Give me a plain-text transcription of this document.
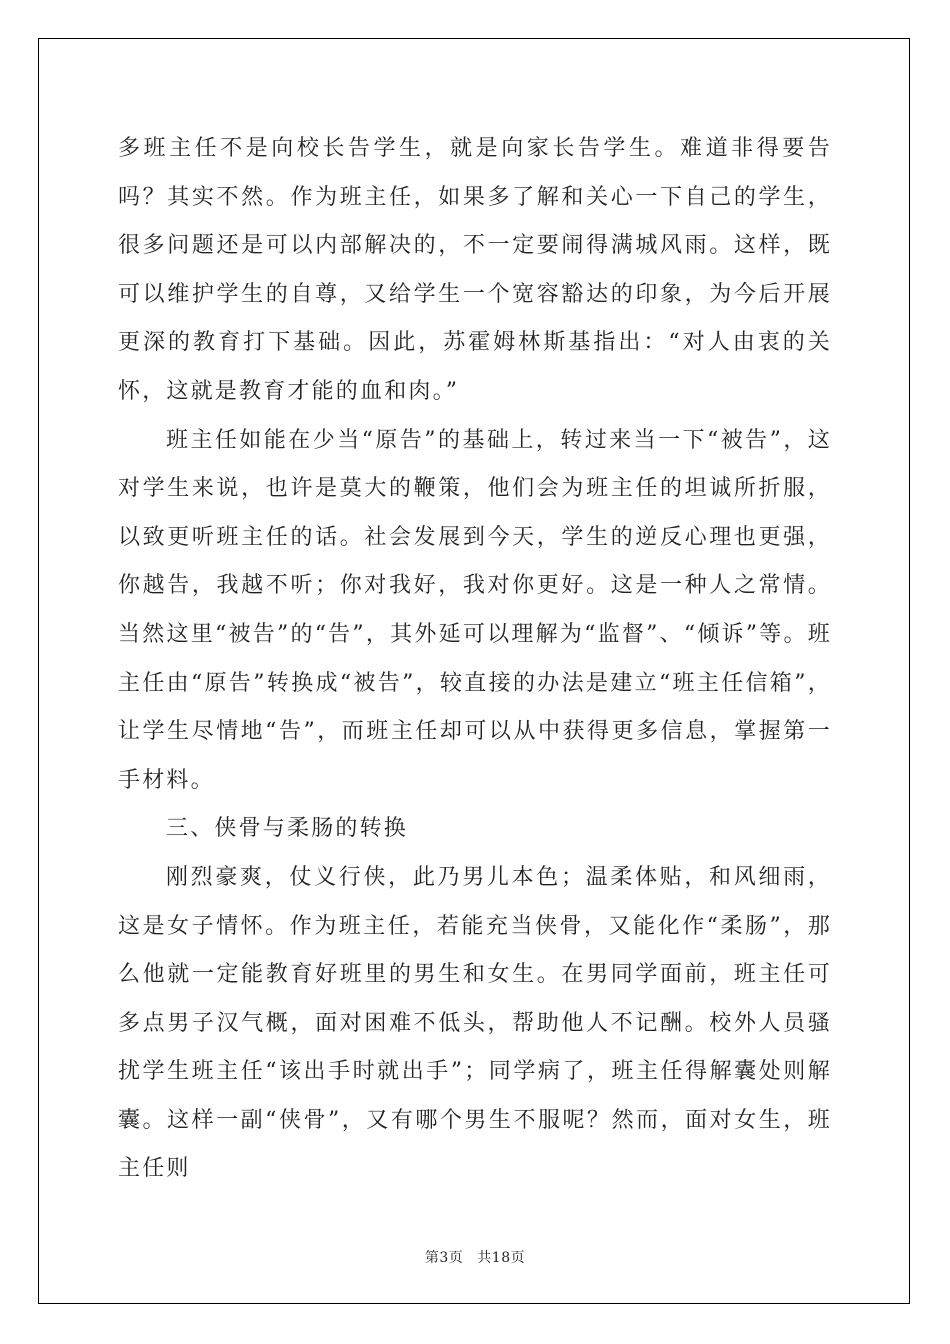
多班主任不是向校长告学生，就是向家长告学生。难道非得要告吗？其实不然。作为班主任，如果多了解和关心一下自己的学生，很多问题还是可以内部解决的，不一定要闹得满城风雨。这样，既可以维护学生的自尊，又给学生一个宽容豁达的印象，为今后开展更深的教育打下基础。因此，苏霍姆林斯基指出：“对人由衷的关怀，这就是教育才能的血和肉。”

班主任如能在少当“原告”的基础上，转过来当一下“被告”，这对学生来说，也许是莫大的鞭策，他们会为班主任的坦诚所折服，以致更听班主任的话。社会发展到今天，学生的逆反心理也更强，你越告，我越不听；你对我好，我对你更好。这是一种人之常情。当然这里“被告”的“告”，其外延可以理解为“监督”、“倾诉”等。班主任由“原告”转换成“被告”，较直接的办法是建立“班主任信箱”，让学生尽情地“告”，而班主任却可以从中获得更多信息，掌握第一手材料。

三、侠骨与柔肠的转换

刚烈豪爽，仗义行侠，此乃男儿本色；温柔体贴，和风细雨，这是女子情怀。作为班主任，若能充当侠骨，又能化作“柔肠”，那么他就一定能教育好班里的男生和女生。在男同学面前，班主任可多点男子汉气概，面对困难不低头，帮助他人不记酬。校外人员骚扰学生班主任“该出手时就出手”；同学病了，班主任得解囊处则解囊。这样一副“侠骨”，又有哪个男生不服呢？然而，面对女生，班主任则

第3页 共18页
